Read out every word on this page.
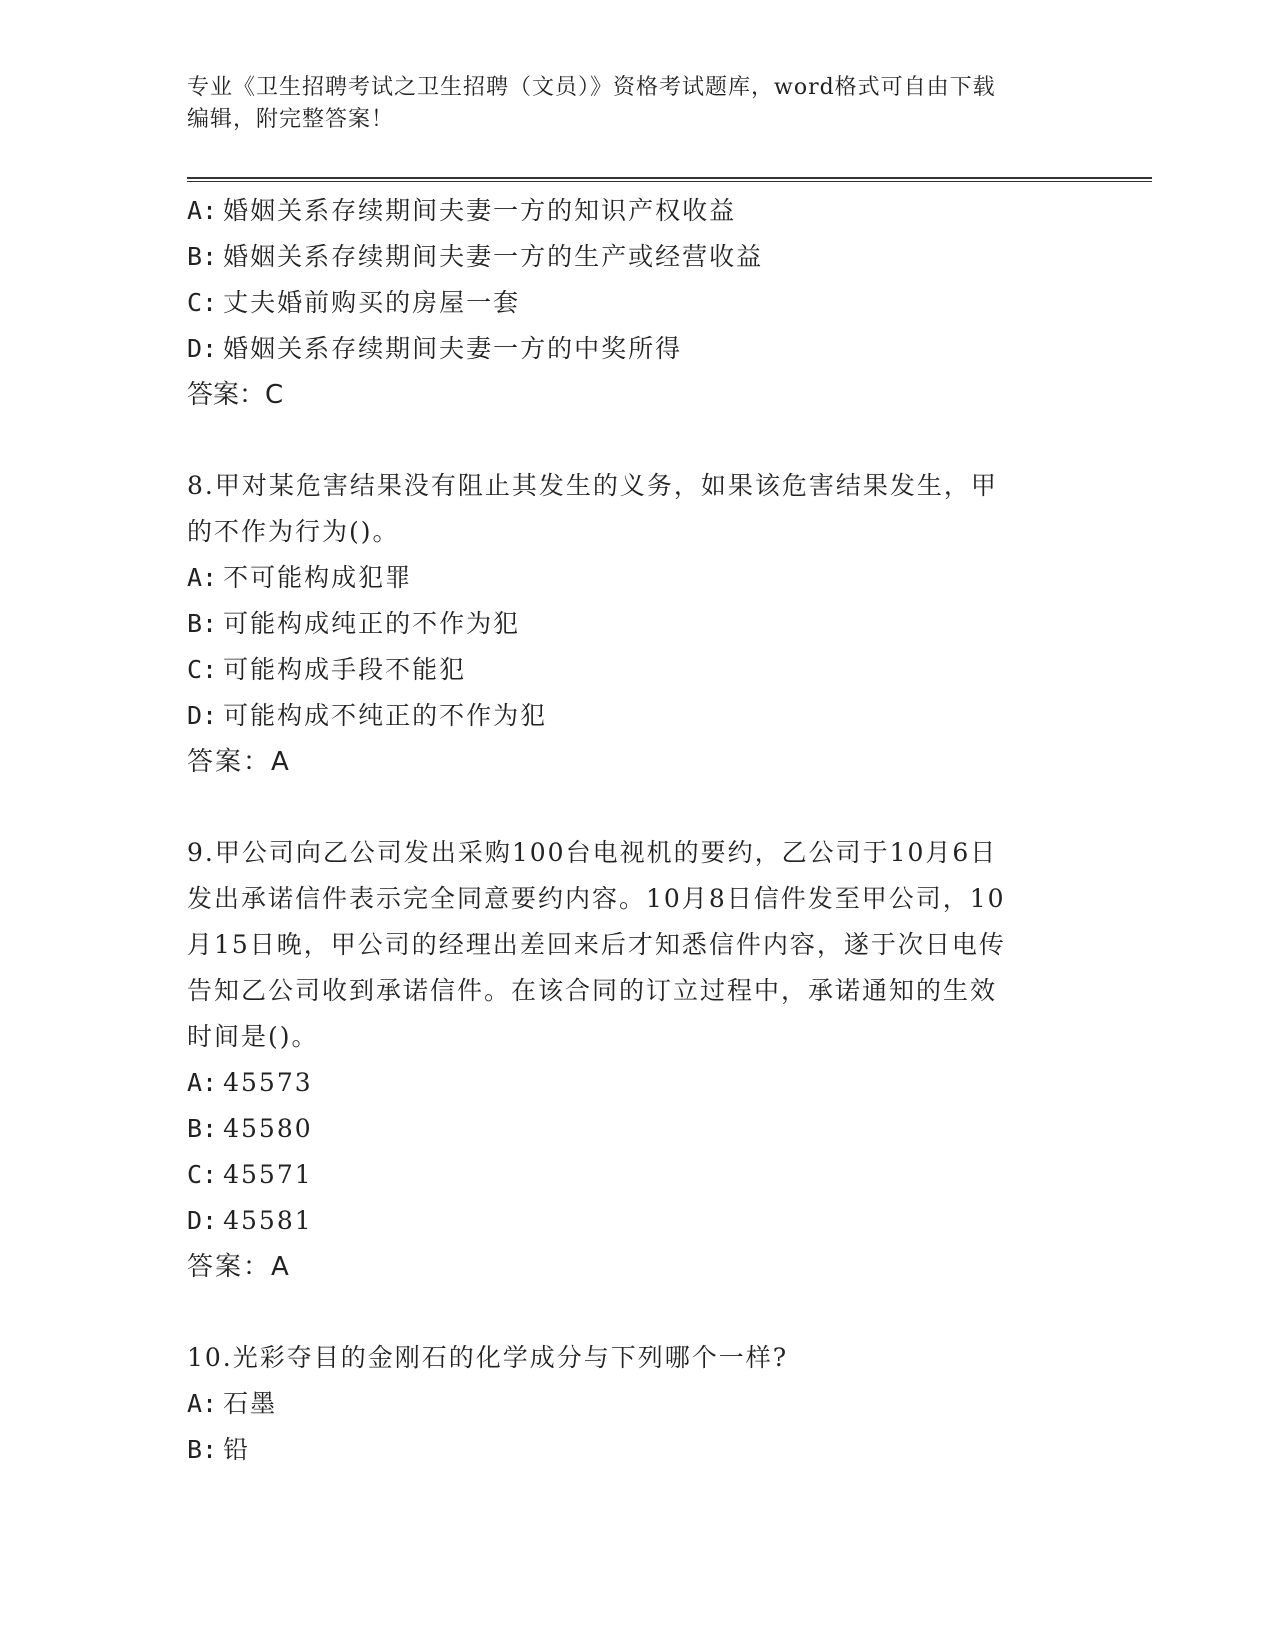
专业《卫生招聘考试之卫生招聘（文员）》资格考试题库，word格式可自由下载
编辑，附完整答案！
A: 婚姻关系存续期间夫妻一方的知识产权收益
B: 婚姻关系存续期间夫妻一方的生产或经营收益
C: 丈夫婚前购买的房屋一套
D: 婚姻关系存续期间夫妻一方的中奖所得
答案：C
8.甲对某危害结果没有阻止其发生的义务，如果该危害结果发生，甲
的不作为行为()。
A: 不可能构成犯罪
B: 可能构成纯正的不作为犯
C: 可能构成手段不能犯
D: 可能构成不纯正的不作为犯
答案：A
9.甲公司向乙公司发出采购100台电视机的要约，乙公司于10月6日
发出承诺信件表示完全同意要约内容。10月8日信件发至甲公司，10
月15日晚，甲公司的经理出差回来后才知悉信件内容，遂于次日电传
告知乙公司收到承诺信件。在该合同的订立过程中，承诺通知的生效
时间是()。
A: 45573
B: 45580
C: 45571
D: 45581
答案：A
10.光彩夺目的金刚石的化学成分与下列哪个一样?
A: 石墨
B: 铅
